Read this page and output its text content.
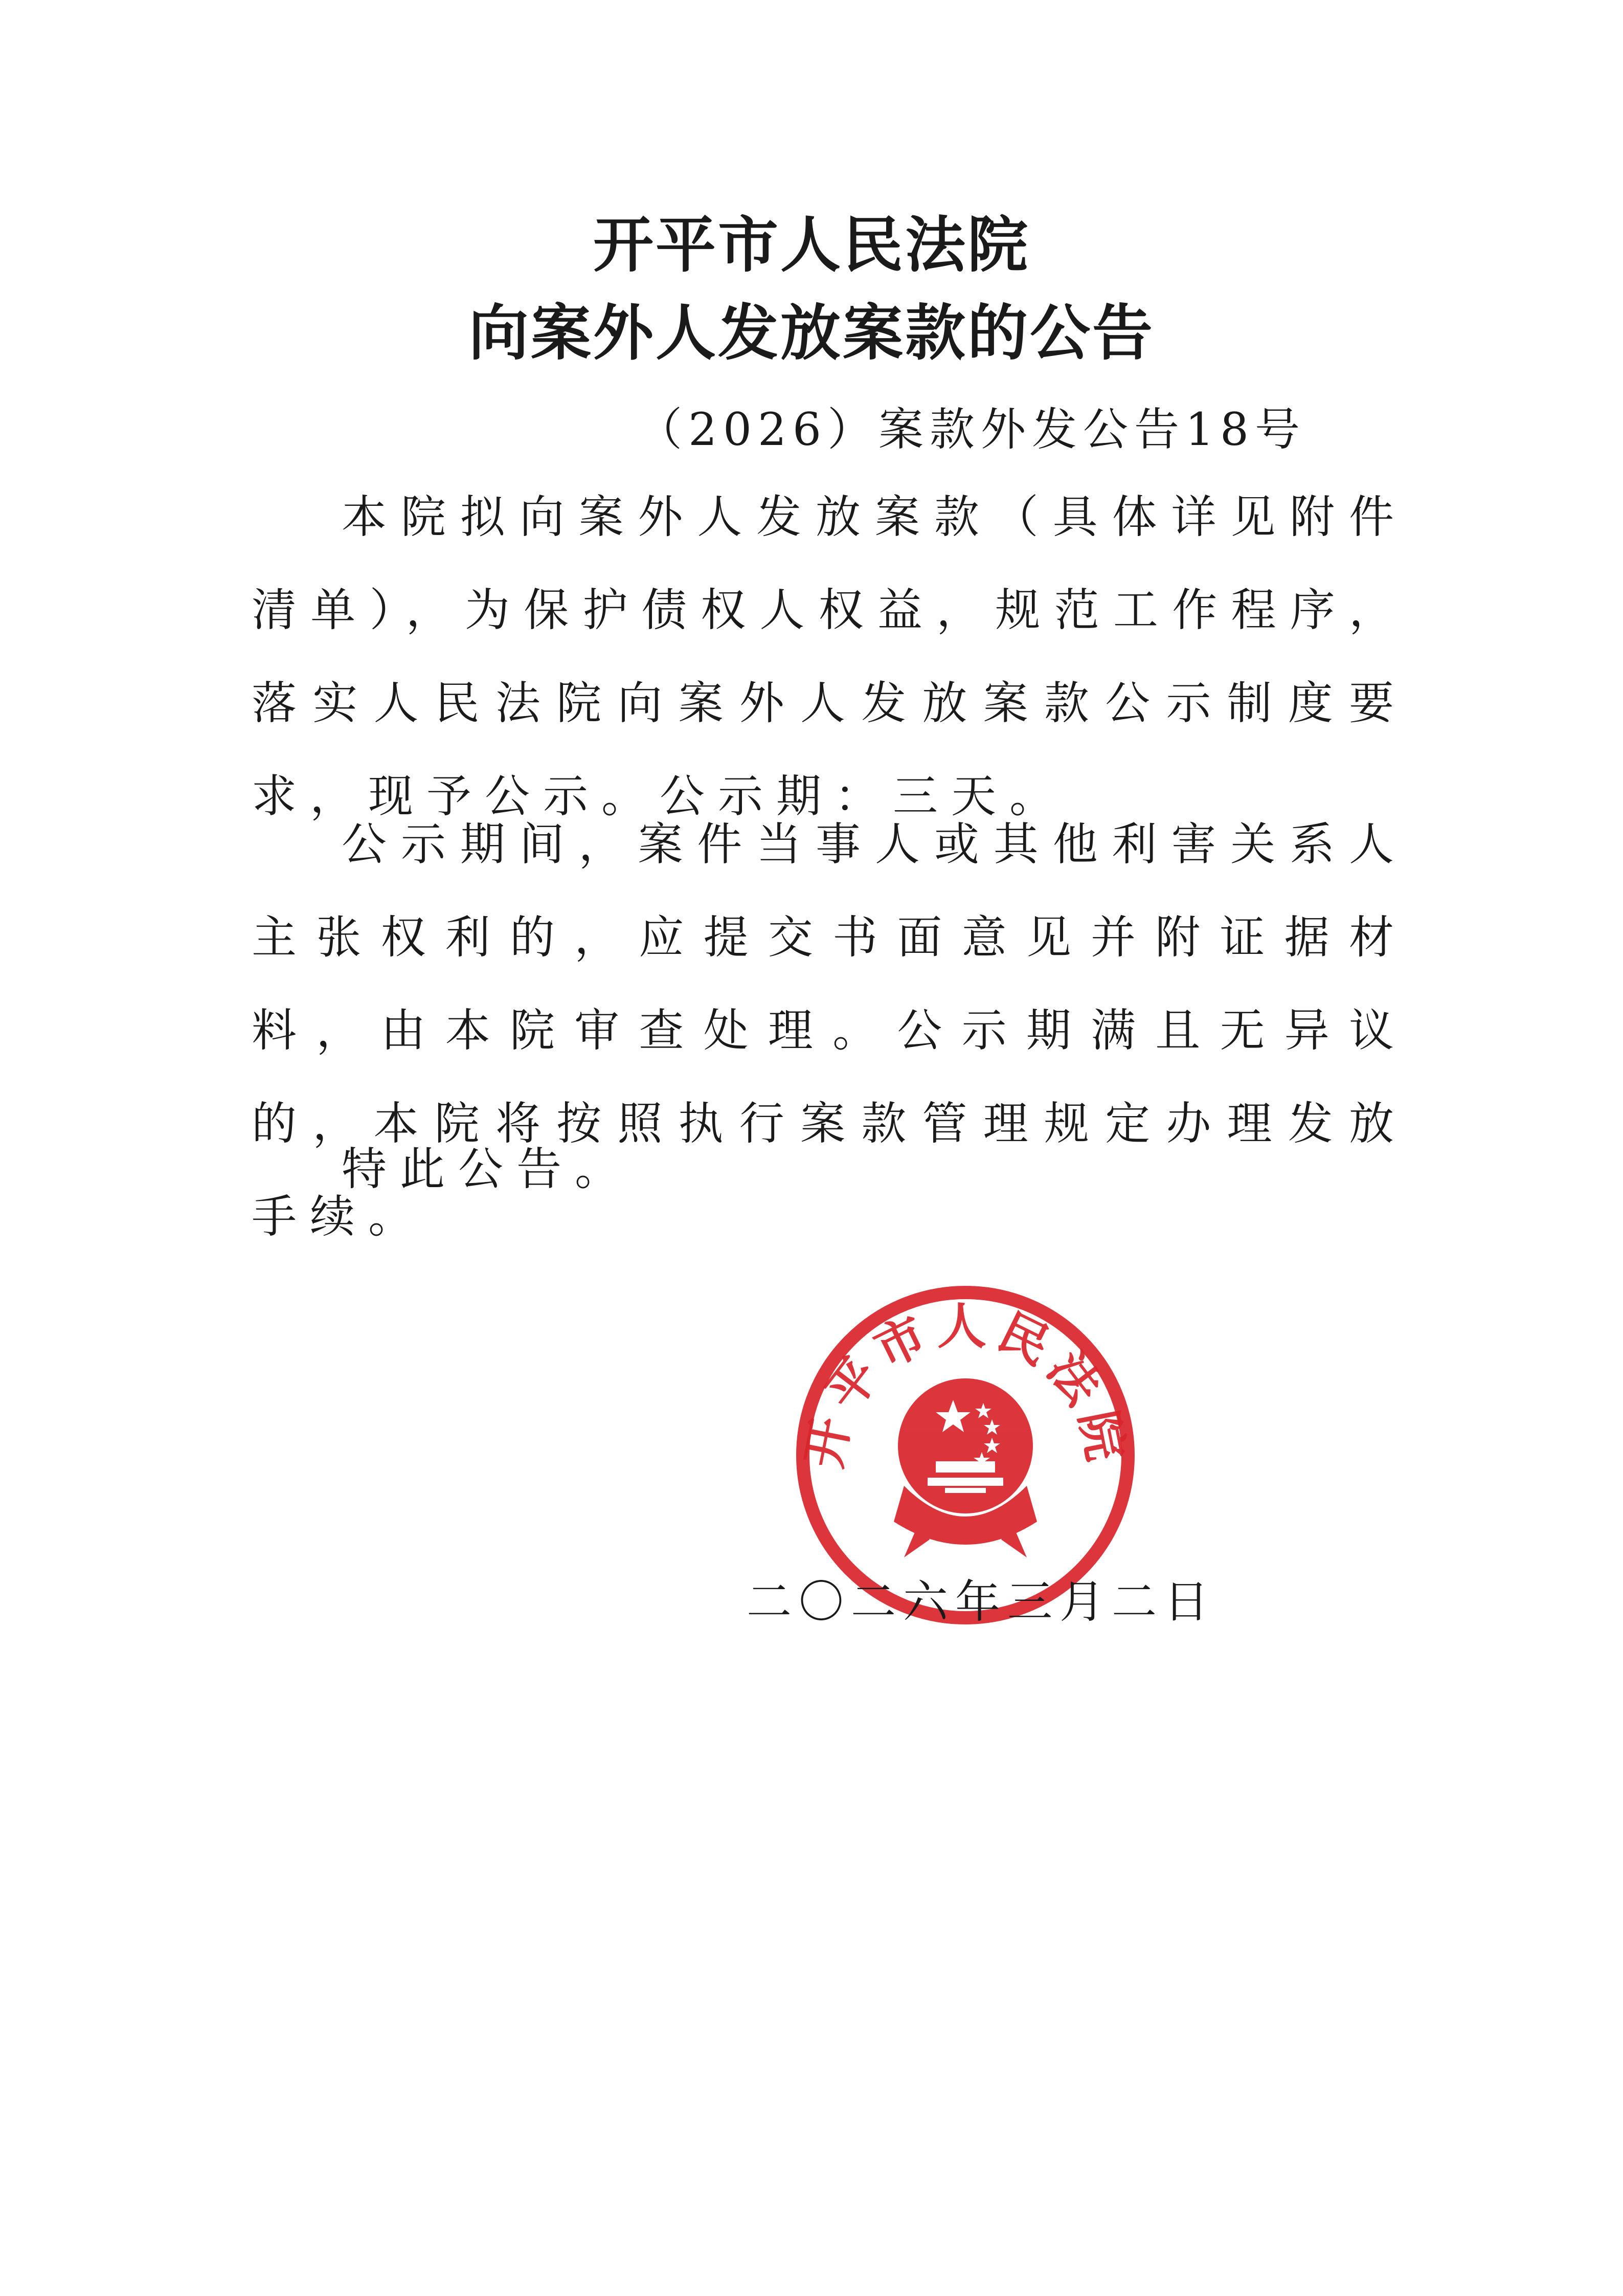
开平市人民法院
向案外人发放案款的公告

（2026）案款外发公告18号

本院拟向案外人发放案款（具体详见附件清单），为保护债权人权益，规范工作程序，落实人民法院向案外人发放案款公示制度要求，现予公示。公示期：三天。

公示期间，案件当事人或其他利害关系人主张权利的，应提交书面意见并附证据材料，由本院审查处理。公示期满且无异议的，本院将按照执行案款管理规定办理发放手续。

特此公告。

开平市人民法院

二〇二六年三月二日
